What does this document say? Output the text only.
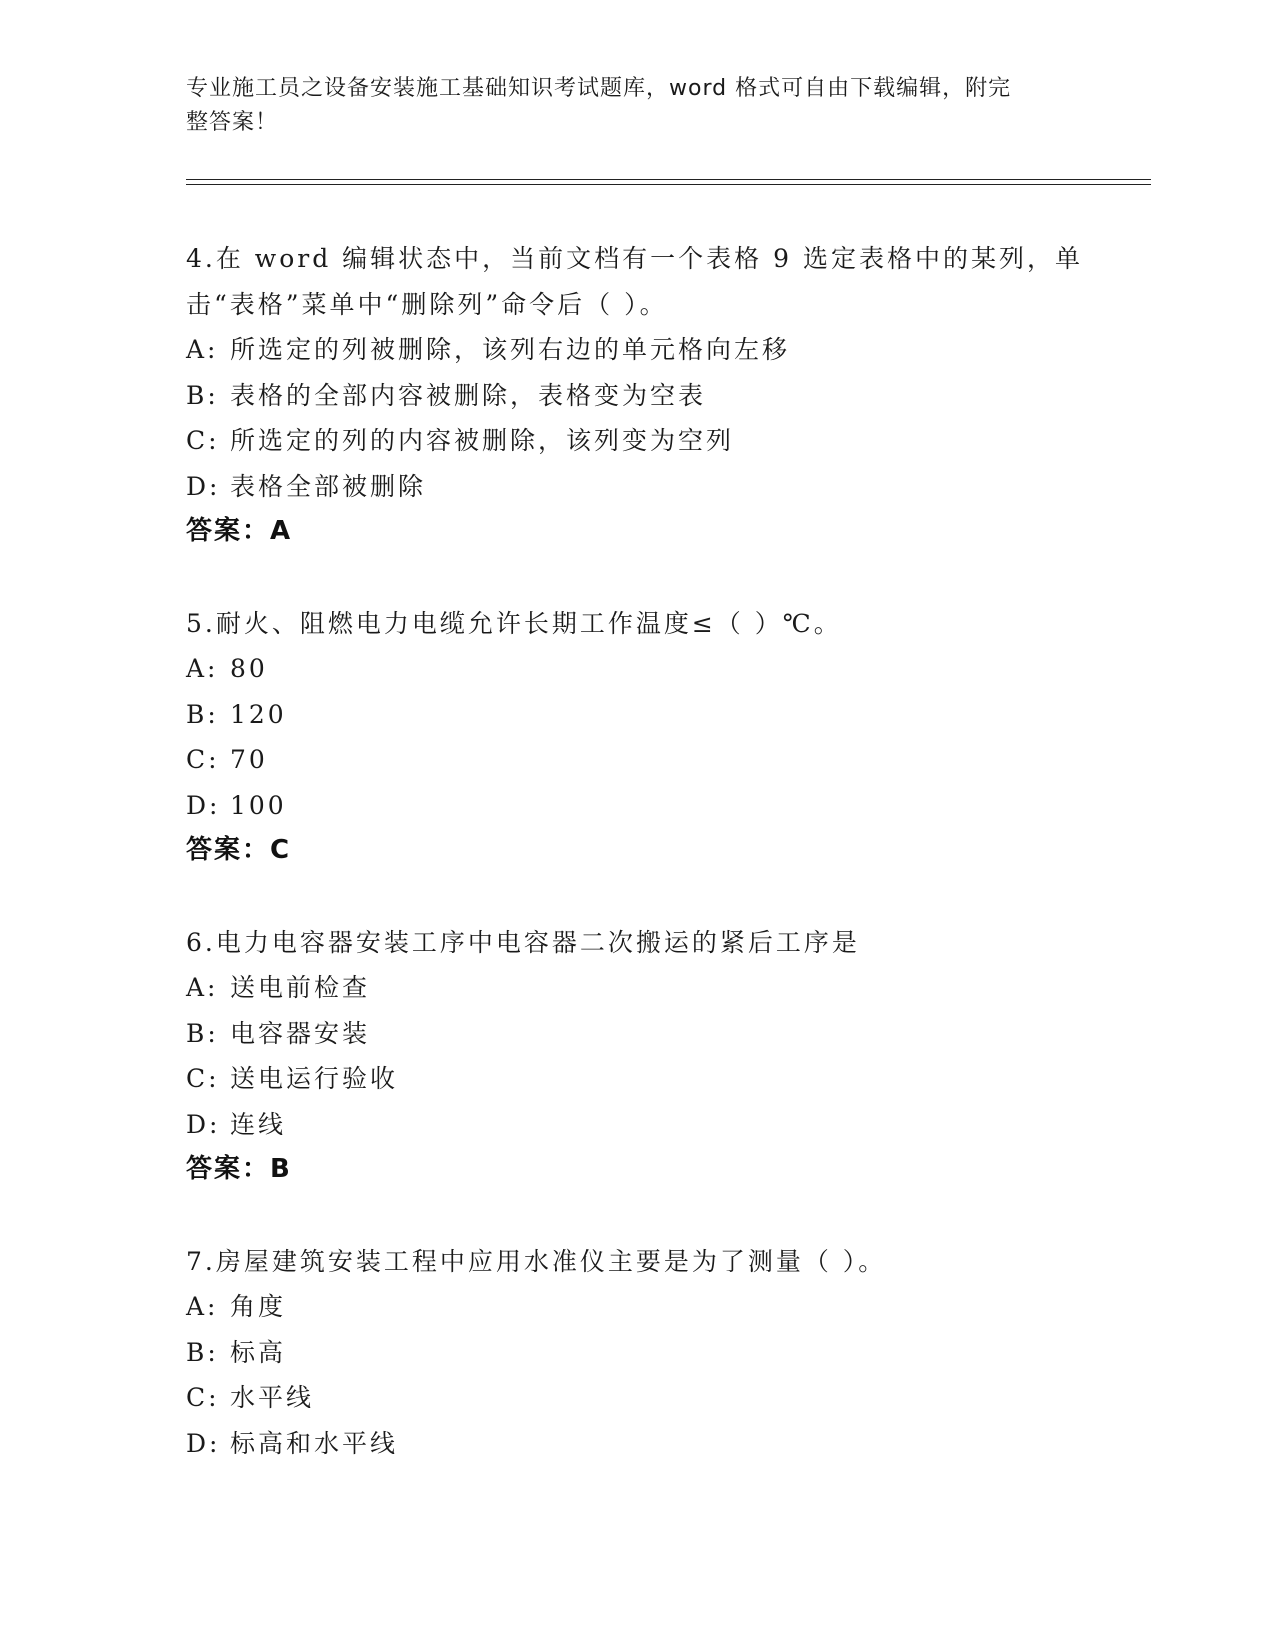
专业施工员之设备安装施工基础知识考试题库，word 格式可自由下载编辑，附完
整答案！
4.在 word 编辑状态中，当前文档有一个表格 9 选定表格中的某列，单
击“表格”菜单中“删除列”命令后（ ）。
A: 所选定的列被删除，该列右边的单元格向左移
B: 表格的全部内容被删除，表格变为空表
C: 所选定的列的内容被删除，该列变为空列
D: 表格全部被删除
答案：A
5.耐火、阻燃电力电缆允许长期工作温度≤（ ）℃。
A: 80
B: 120
C: 70
D: 100
答案：C
6.电力电容器安装工序中电容器二次搬运的紧后工序是
A: 送电前检查
B: 电容器安装
C: 送电运行验收
D: 连线
答案：B
7.房屋建筑安装工程中应用水准仪主要是为了测量（ ）。
A: 角度
B: 标高
C: 水平线
D: 标高和水平线
